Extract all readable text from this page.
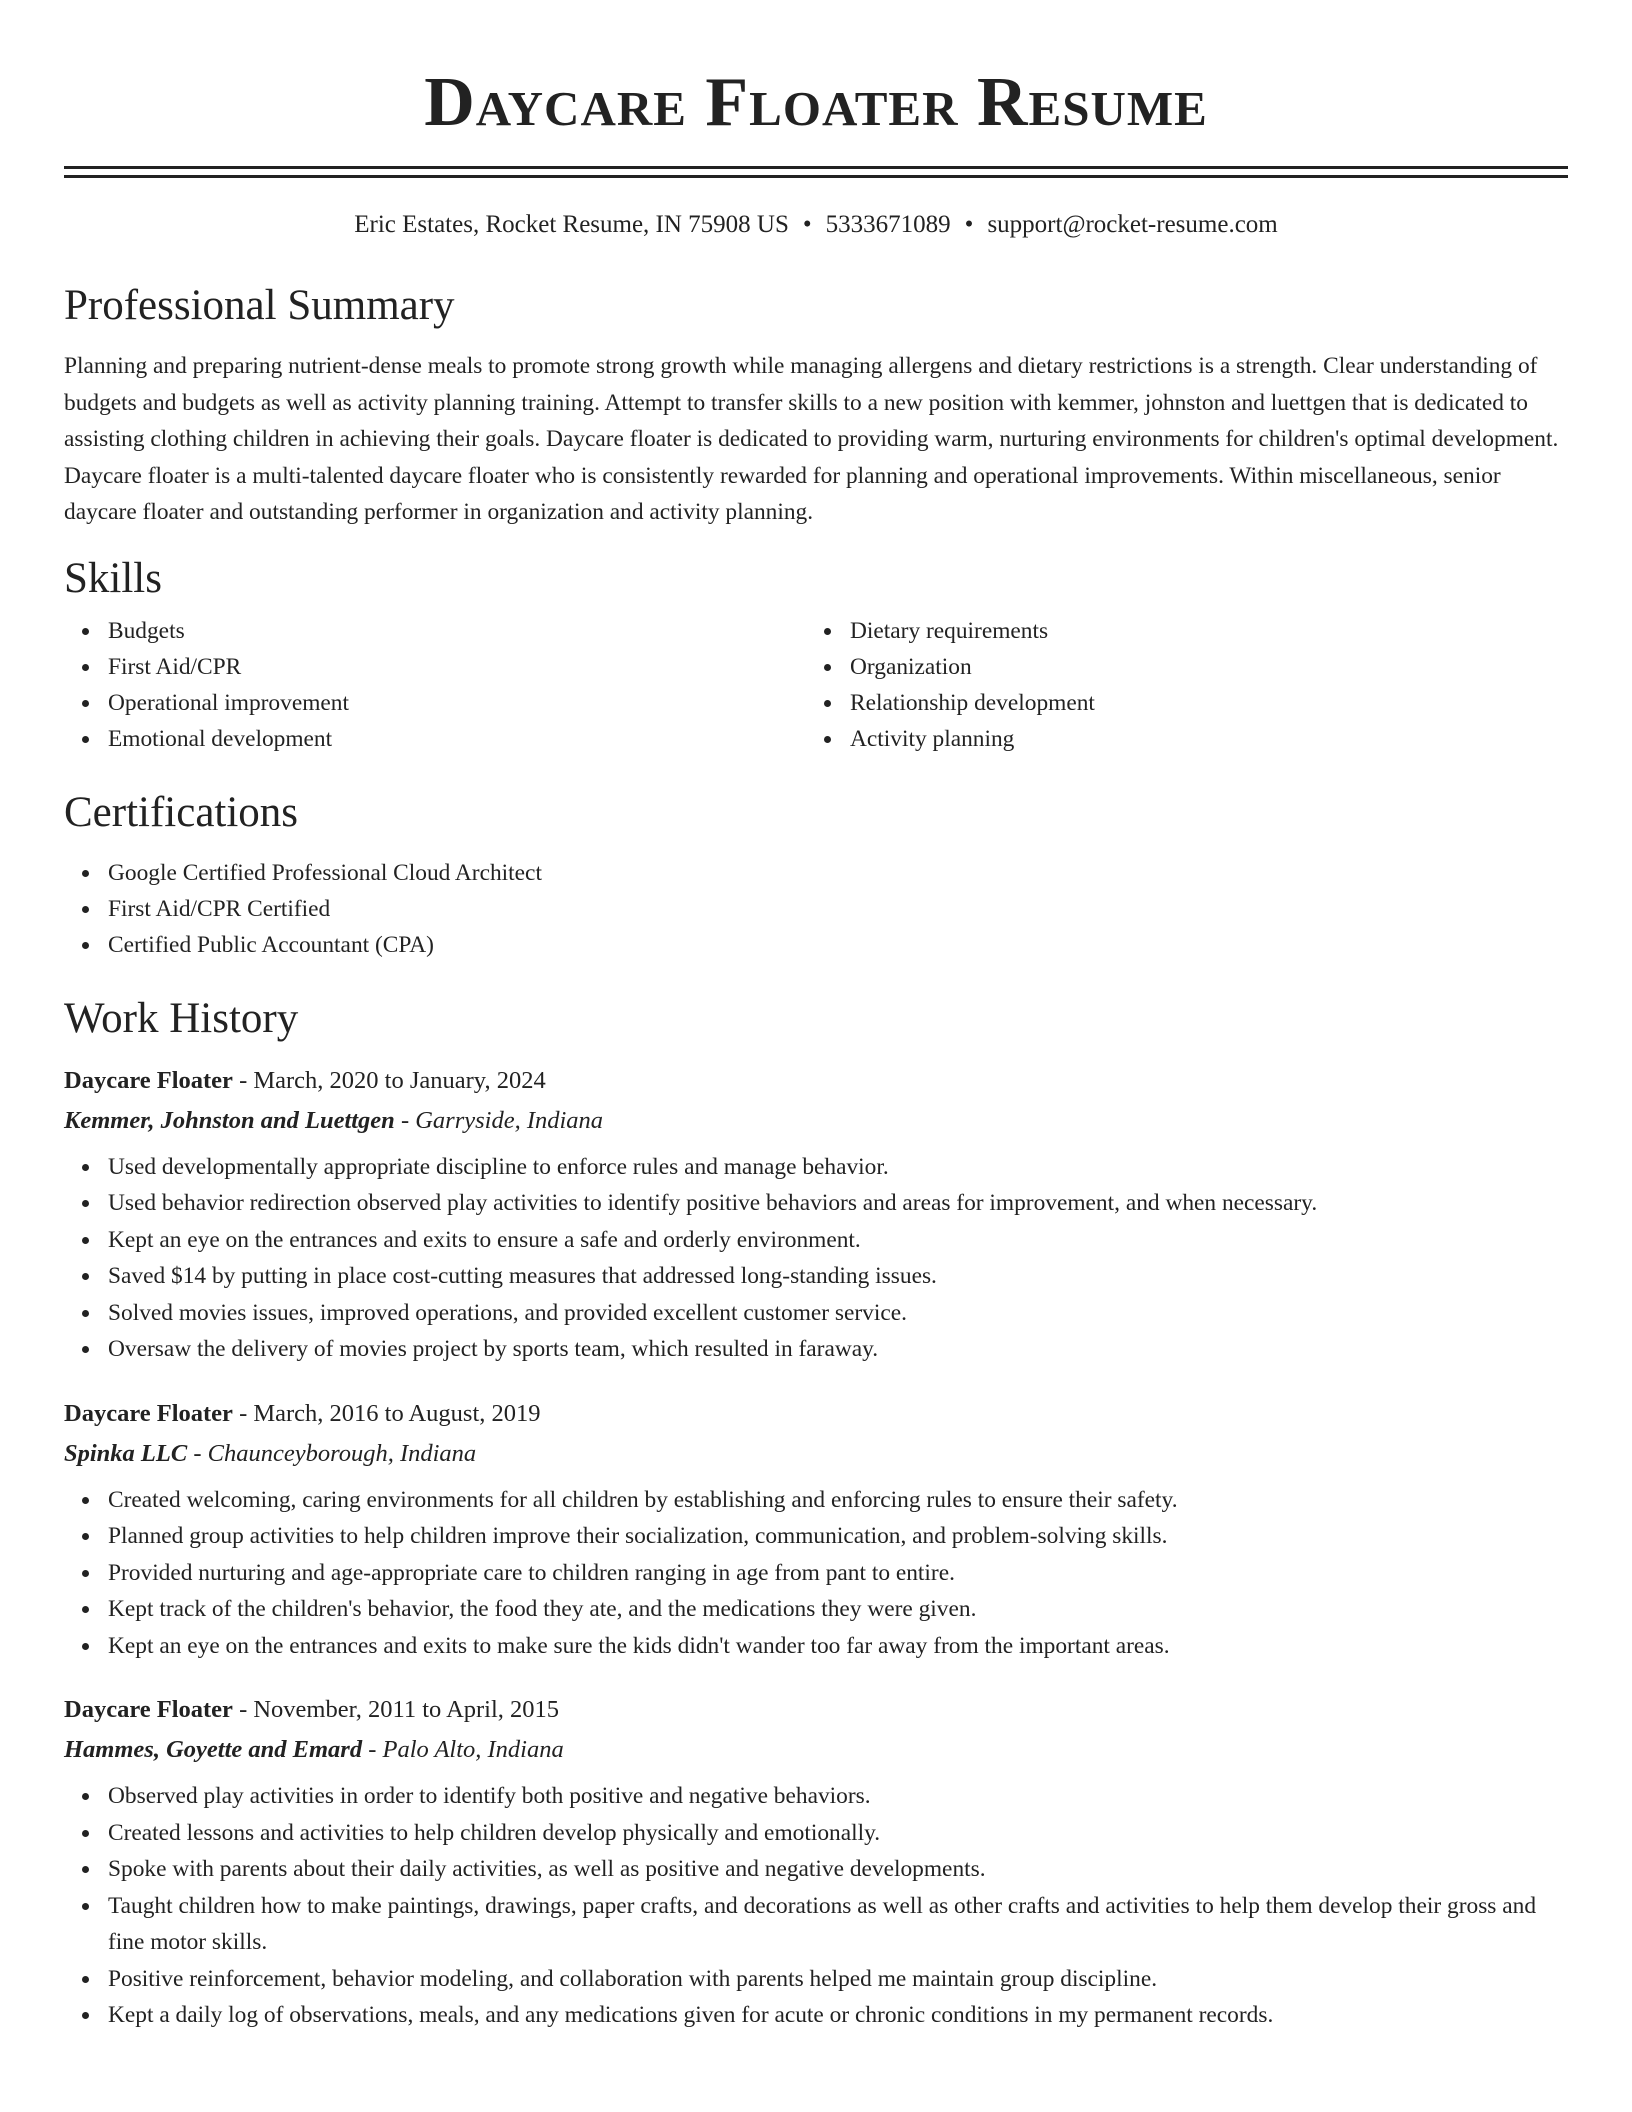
Daycare Floater Resume
Eric Estates, Rocket Resume, IN 75908 US • 5333671089 • support@rocket-resume.com
Professional Summary

Planning and preparing nutrient-dense meals to promote strong growth while managing allergens and dietary restrictions is a strength. Clear understanding of budgets and budgets as well as activity planning training. Attempt to transfer skills to a new position with kemmer, johnston and luettgen that is dedicated to assisting clothing children in achieving their goals. Daycare floater is dedicated to providing warm, nurturing environments for children's optimal development. Daycare floater is a multi-talented daycare floater who is consistently rewarded for planning and operational improvements. Within miscellaneous, senior daycare floater and outstanding performer in organization and activity planning.

Skills
Budgets
First Aid/CPR
Operational improvement
Emotional development
Dietary requirements
Organization
Relationship development
Activity planning
Certifications
Google Certified Professional Cloud Architect
First Aid/CPR Certified
Certified Public Accountant (CPA)
Work History
Daycare Floater - March, 2020 to January, 2024
Kemmer, Johnston and Luettgen - Garryside, Indiana
Used developmentally appropriate discipline to enforce rules and manage behavior.
Used behavior redirection observed play activities to identify positive behaviors and areas for improvement, and when necessary.
Kept an eye on the entrances and exits to ensure a safe and orderly environment.
Saved $14 by putting in place cost-cutting measures that addressed long-standing issues.
Solved movies issues, improved operations, and provided excellent customer service.
Oversaw the delivery of movies project by sports team, which resulted in faraway.
Daycare Floater - March, 2016 to August, 2019
Spinka LLC - Chaunceyborough, Indiana
Created welcoming, caring environments for all children by establishing and enforcing rules to ensure their safety.
Planned group activities to help children improve their socialization, communication, and problem-solving skills.
Provided nurturing and age-appropriate care to children ranging in age from pant to entire.
Kept track of the children's behavior, the food they ate, and the medications they were given.
Kept an eye on the entrances and exits to make sure the kids didn't wander too far away from the important areas.
Daycare Floater - November, 2011 to April, 2015
Hammes, Goyette and Emard - Palo Alto, Indiana
Observed play activities in order to identify both positive and negative behaviors.
Created lessons and activities to help children develop physically and emotionally.
Spoke with parents about their daily activities, as well as positive and negative developments.
Taught children how to make paintings, drawings, paper crafts, and decorations as well as other crafts and activities to help them develop their gross and fine motor skills.
Positive reinforcement, behavior modeling, and collaboration with parents helped me maintain group discipline.
Kept a daily log of observations, meals, and any medications given for acute or chronic conditions in my permanent records.
